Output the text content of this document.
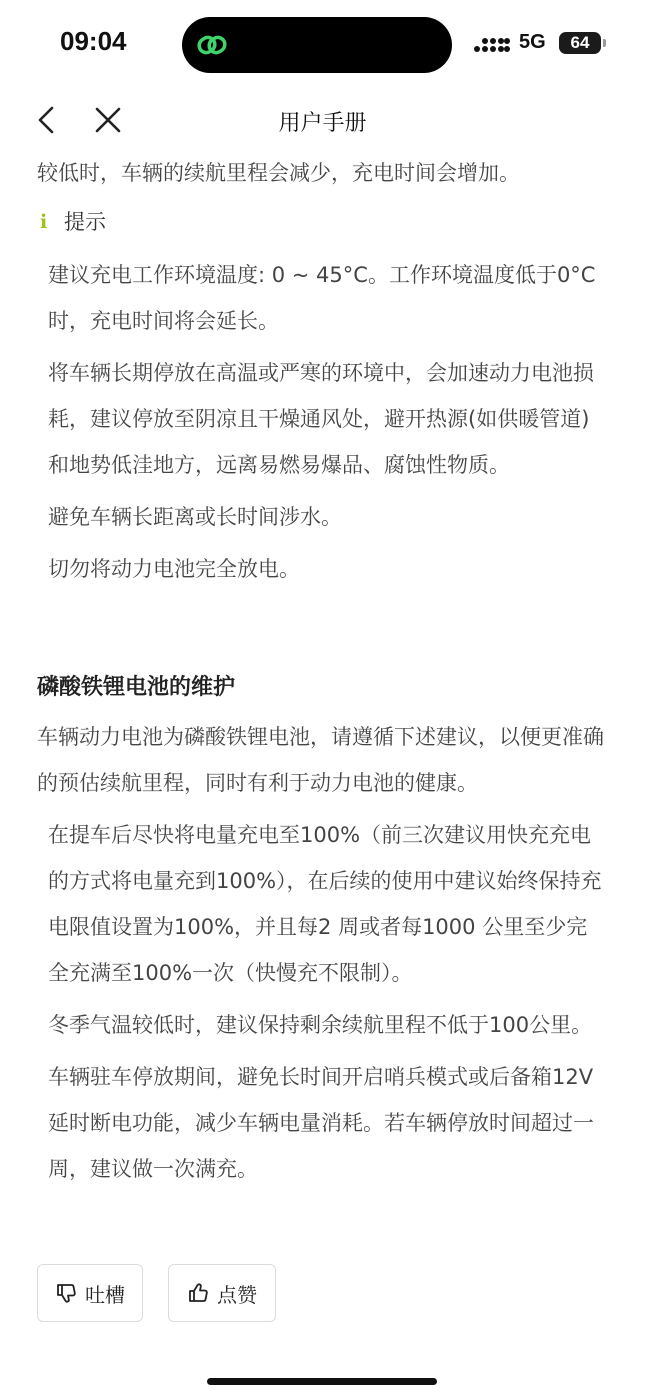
09:04	5G	64
用户手册

较低时，车辆的续航里程会减少，充电时间会增加。

i 提示

建议充电工作环境温度: 0 ~ 45°C。工作环境温度低于0°C时，充电时间将会延长。

将车辆长期停放在高温或严寒的环境中，会加速动力电池损耗，建议停放至阴凉且干燥通风处，避开热源(如供暖管道)和地势低洼地方，远离易燃易爆品、腐蚀性物质。

避免车辆长距离或长时间涉水。

切勿将动力电池完全放电。

磷酸铁锂电池的维护

车辆动力电池为磷酸铁锂电池，请遵循下述建议，以便更准确的预估续航里程，同时有利于动力电池的健康。

在提车后尽快将电量充电至100%（前三次建议用快充充电的方式将电量充到100%），在后续的使用中建议始终保持充电限值设置为100%，并且每2 周或者每1000 公里至少完全充满至100%一次（快慢充不限制）。

冬季气温较低时，建议保持剩余续航里程不低于100公里。

车辆驻车停放期间，避免长时间开启哨兵模式或后备箱12V 延时断电功能，减少车辆电量消耗。若车辆停放时间超过一周，建议做一次满充。

吐槽	点赞
